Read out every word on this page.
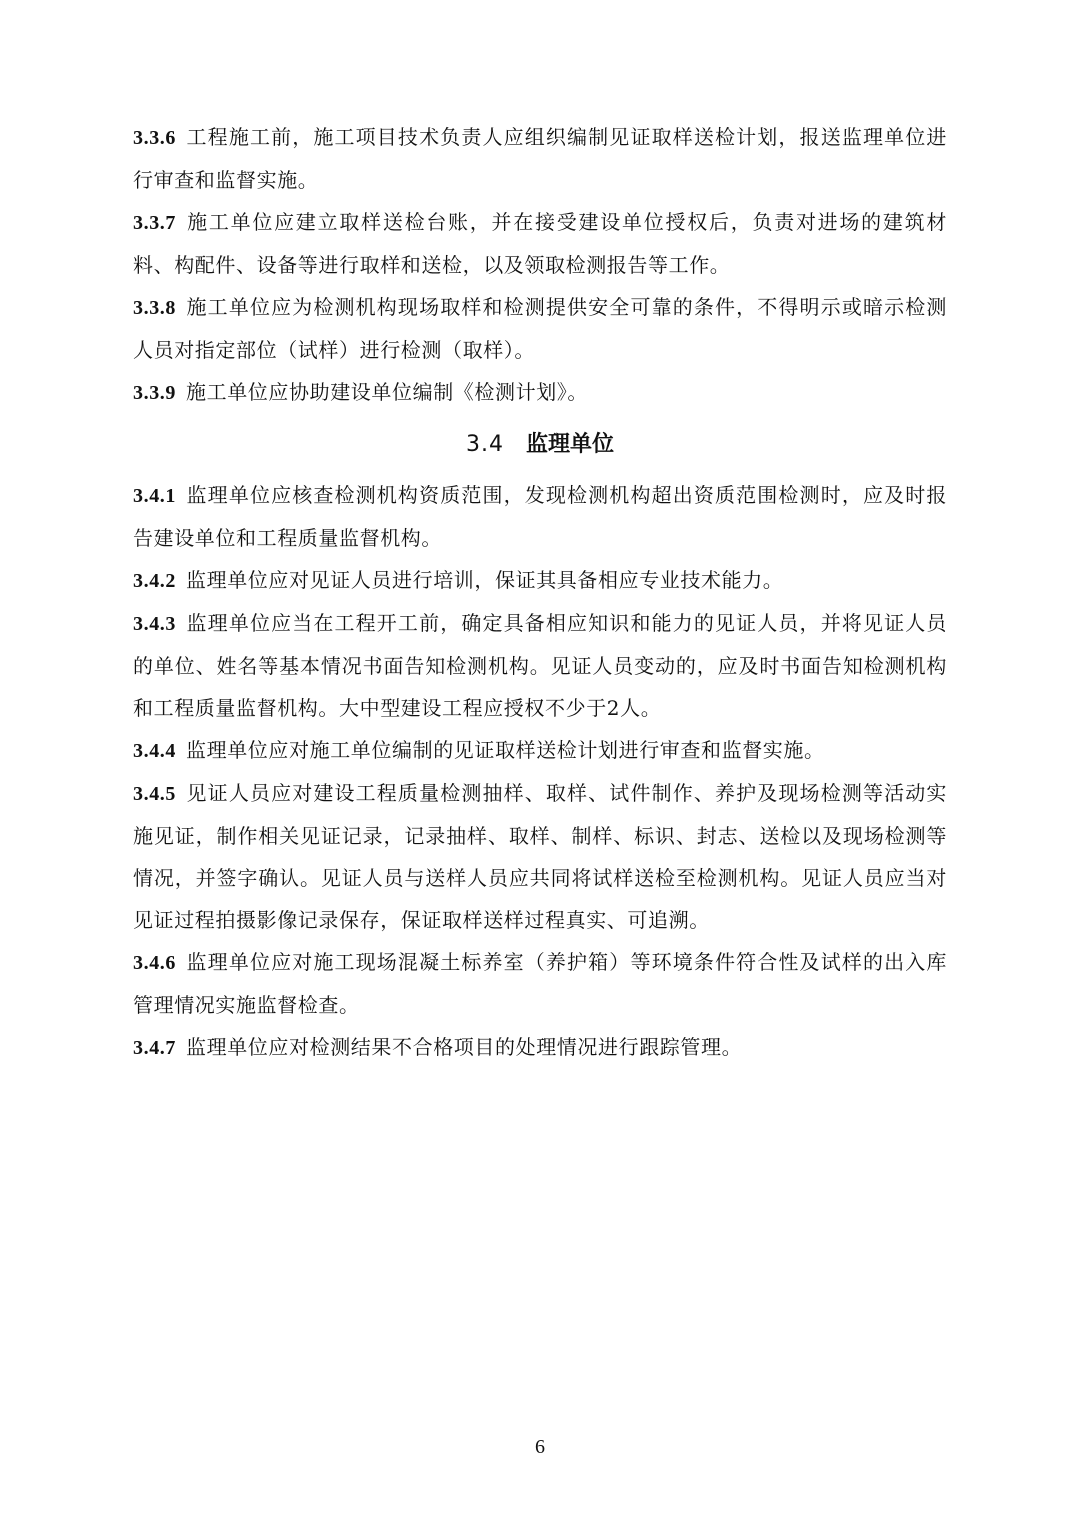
3.3.6 工程施工前，施工项目技术负责人应组织编制见证取样送检计划，报送监理单位进行审查和监督实施。

3.3.7 施工单位应建立取样送检台账，并在接受建设单位授权后，负责对进场的建筑材料、构配件、设备等进行取样和送检，以及领取检测报告等工作。

3.3.8 施工单位应为检测机构现场取样和检测提供安全可靠的条件，不得明示或暗示检测人员对指定部位（试样）进行检测（取样）。

3.3.9 施工单位应协助建设单位编制《检测计划》。

3.4 监理单位

3.4.1 监理单位应核查检测机构资质范围，发现检测机构超出资质范围检测时，应及时报告建设单位和工程质量监督机构。

3.4.2 监理单位应对见证人员进行培训，保证其具备相应专业技术能力。

3.4.3 监理单位应当在工程开工前，确定具备相应知识和能力的见证人员，并将见证人员的单位、姓名等基本情况书面告知检测机构。见证人员变动的，应及时书面告知检测机构和工程质量监督机构。大中型建设工程应授权不少于2人。

3.4.4 监理单位应对施工单位编制的见证取样送检计划进行审查和监督实施。

3.4.5 见证人员应对建设工程质量检测抽样、取样、试件制作、养护及现场检测等活动实施见证，制作相关见证记录，记录抽样、取样、制样、标识、封志、送检以及现场检测等情况，并签字确认。见证人员与送样人员应共同将试样送检至检测机构。见证人员应当对见证过程拍摄影像记录保存，保证取样送样过程真实、可追溯。

3.4.6 监理单位应对施工现场混凝土标养室（养护箱）等环境条件符合性及试样的出入库管理情况实施监督检查。

3.4.7 监理单位应对检测结果不合格项目的处理情况进行跟踪管理。

6
